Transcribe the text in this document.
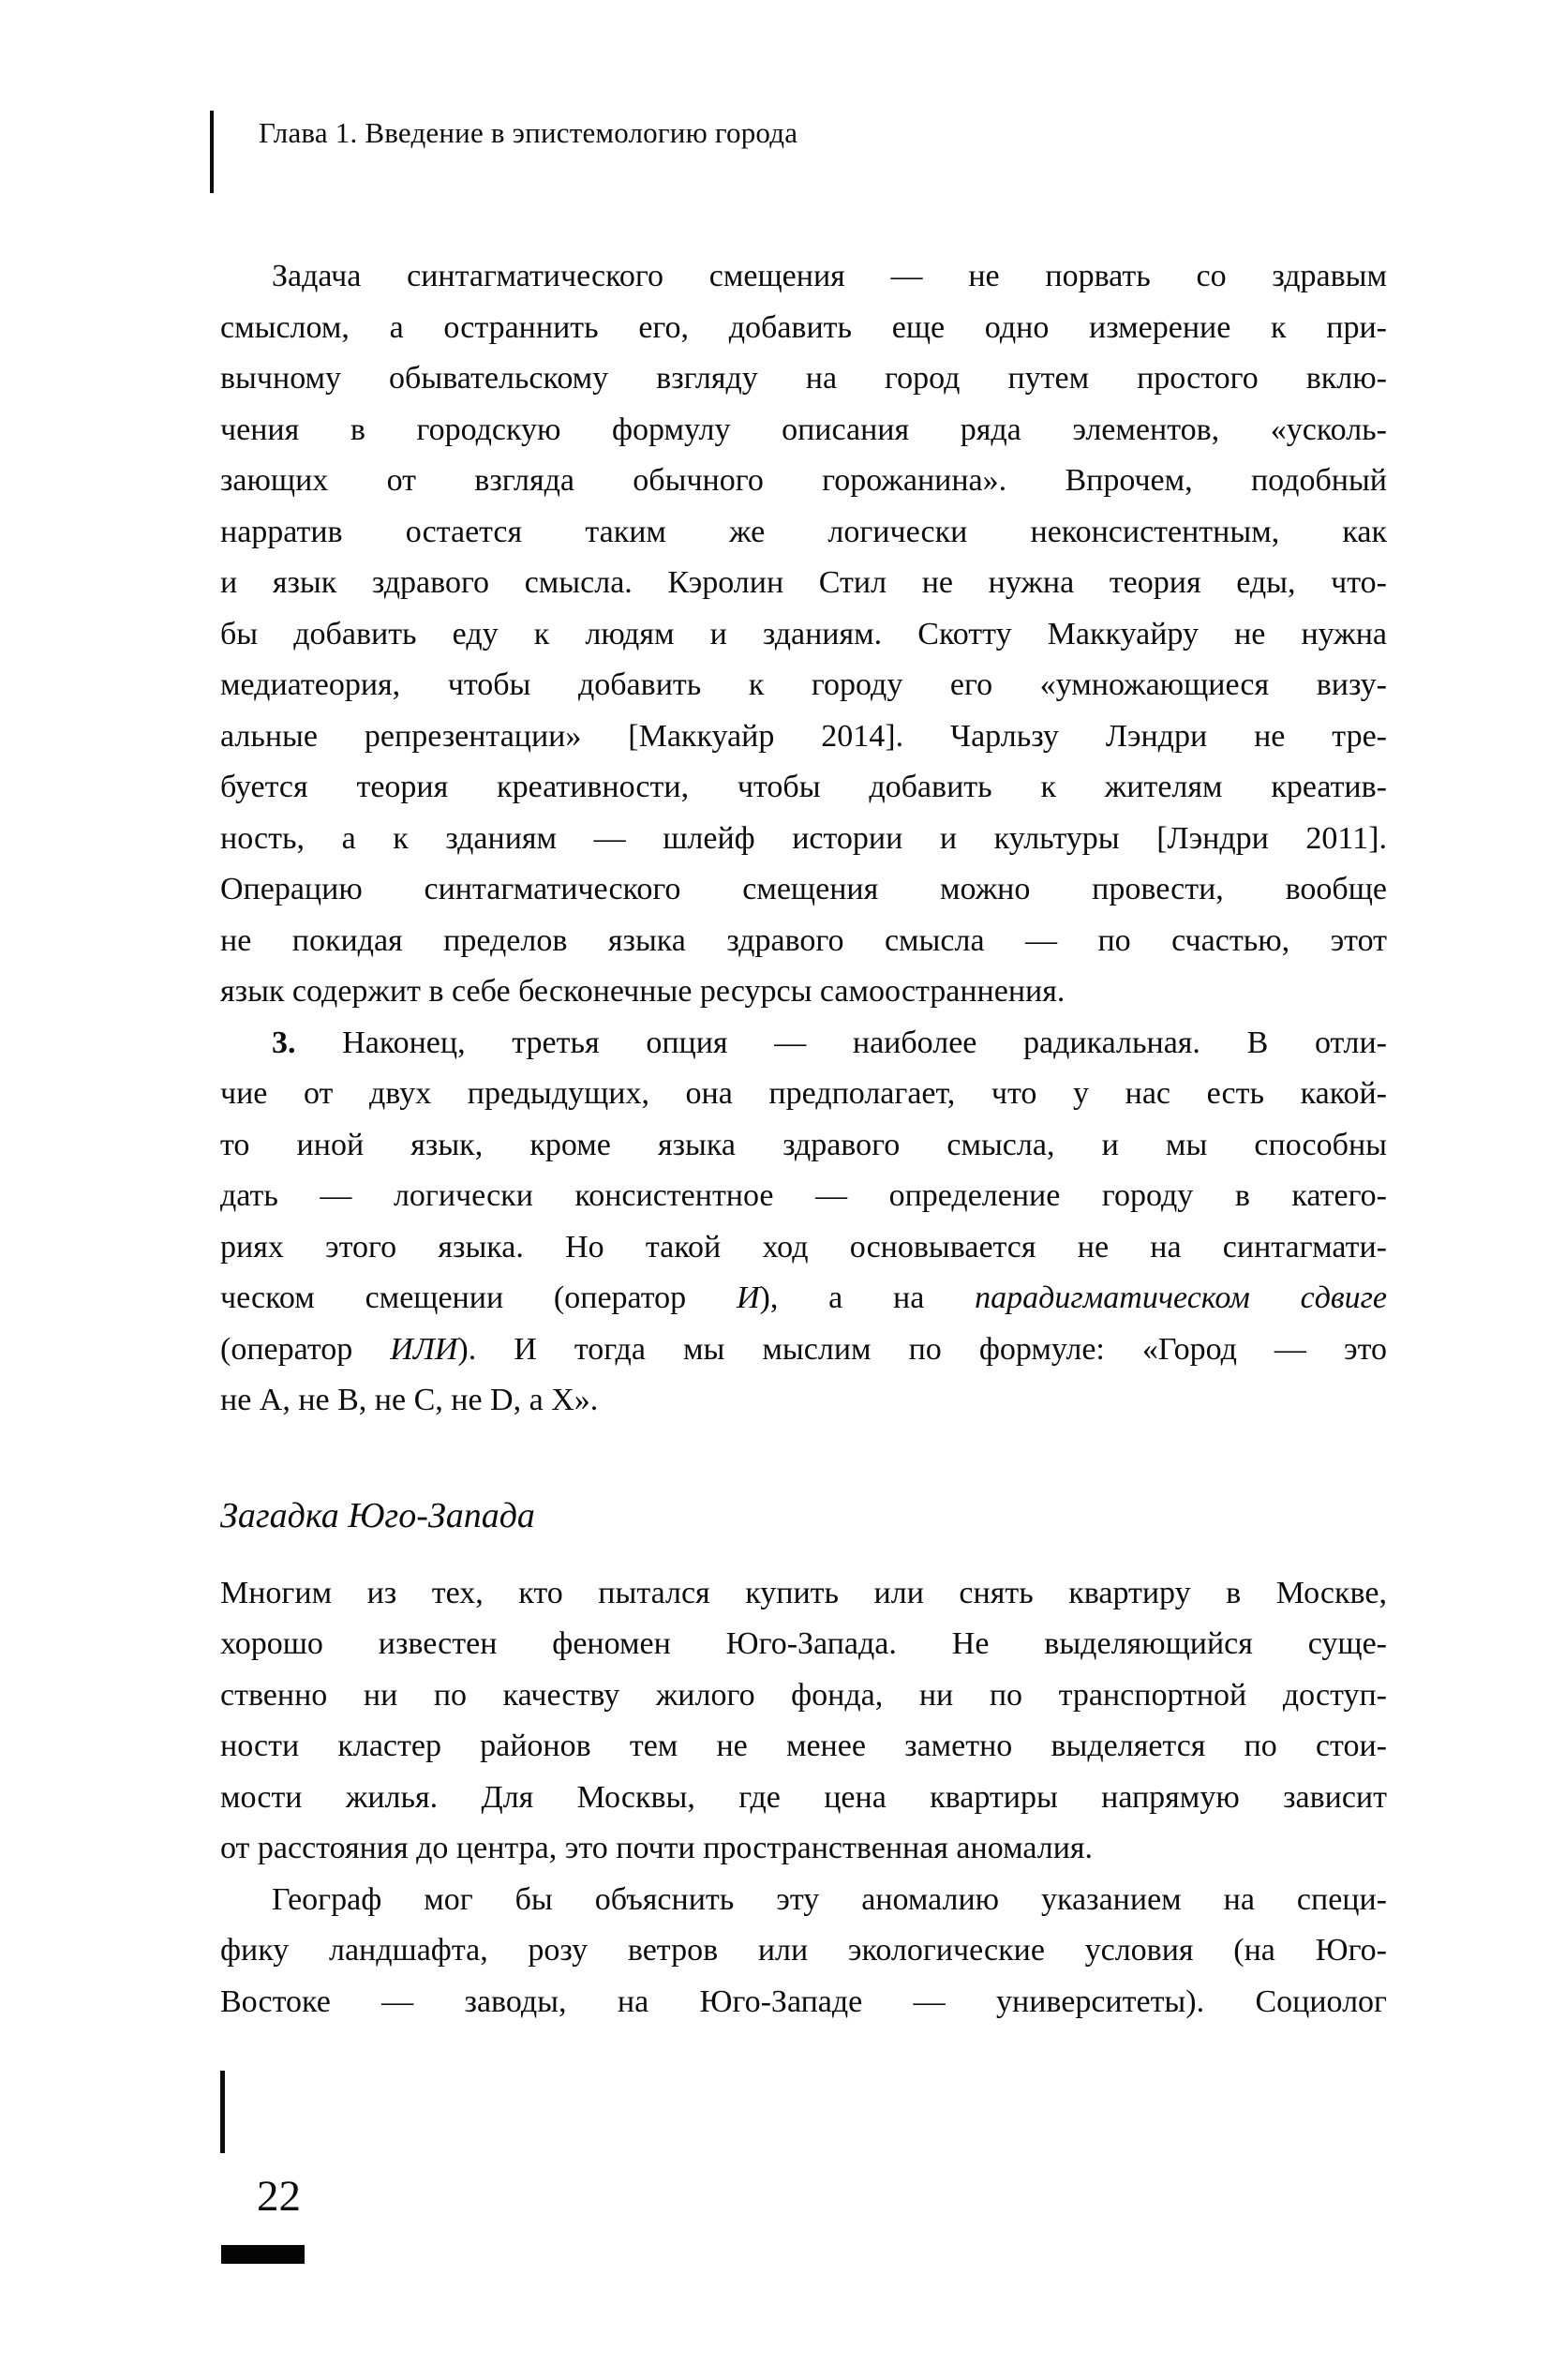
Глава 1. Введение в эпистемологию города
Задача синтагматического смещения — не порвать со здравым
смыслом, а остраннить его, добавить еще одно измерение к при-
вычному обывательскому взгляду на город путем простого вклю-
чения в городскую формулу описания ряда элементов, «усколь-
зающих от взгляда обычного горожанина». Впрочем, подобный
нарратив остается таким же логически неконсистентным, как
и язык здравого смысла. Кэролин Стил не нужна теория еды, что-
бы добавить еду к людям и зданиям. Скотту Маккуайру не нужна
медиатеория, чтобы добавить к городу его «умножающиеся визу-
альные репрезентации» [Маккуайр 2014]. Чарльзу Лэндри не тре-
буется теория креативности, чтобы добавить к жителям креатив-
ность, а к зданиям — шлейф истории и культуры [Лэндри 2011].
Операцию синтагматического смещения можно провести, вообще
не покидая пределов языка здравого смысла — по счастью, этот
язык содержит в себе бесконечные ресурсы самоостраннения.
3. Наконец, третья опция — наиболее радикальная. В отли-
чие от двух предыдущих, она предполагает, что у нас есть какой-
то иной язык, кроме языка здравого смысла, и мы способны
дать — логически консистентное — определение городу в катего-
риях этого языка. Но такой ход основывается не на синтагмати-
ческом смещении (оператор И), а на парадигматическом сдвиге
(оператор ИЛИ). И тогда мы мыслим по формуле: «Город — это
не A, не B, не C, не D, а X».
Загадка Юго-Запада
Многим из тех, кто пытался купить или снять квартиру в Москве,
хорошо известен феномен Юго-Запада. Не выделяющийся суще-
ственно ни по качеству жилого фонда, ни по транспортной доступ-
ности кластер районов тем не менее заметно выделяется по стои-
мости жилья. Для Москвы, где цена квартиры напрямую зависит
от расстояния до центра, это почти пространственная аномалия.
Географ мог бы объяснить эту аномалию указанием на специ-
фику ландшафта, розу ветров или экологические условия (на Юго-
Востоке — заводы, на Юго-Западе — университеты). Социолог
22
